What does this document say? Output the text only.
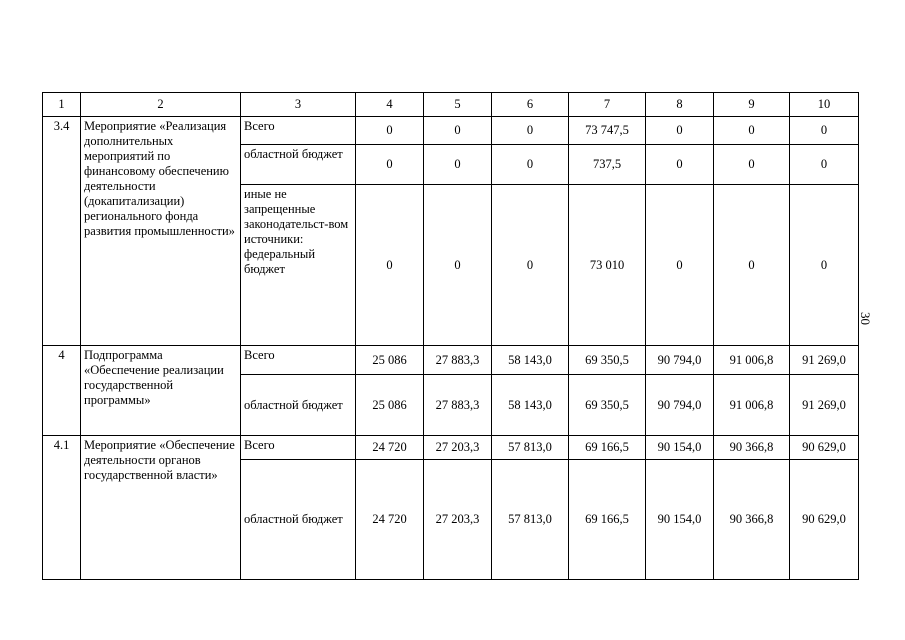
1	2	3	4	5	6	7	8	9	10
3.4	Мероприятие «Реализация дополнительных мероприятий по финансовому обеспечению деятельности (докапитализации) регионального фонда развития промышленности»	Всего	0	0	0	73 747,5	0	0	0
		областной бюджет	0	0	0	737,5	0	0	0
		иные не запрещенные законодательст-вом источники: федеральный бюджет	0	0	0	73 010	0	0	0
4	Подпрограмма «Обеспечение реализации государственной программы»	Всего	25 086	27 883,3	58 143,0	69 350,5	90 794,0	91 006,8	91 269,0
		областной бюджет	25 086	27 883,3	58 143,0	69 350,5	90 794,0	91 006,8	91 269,0
4.1	Мероприятие «Обеспечение деятельности органов государственной власти»	Всего	24 720	27 203,3	57 813,0	69 166,5	90 154,0	90 366,8	90 629,0
		областной бюджет	24 720	27 203,3	57 813,0	69 166,5	90 154,0	90 366,8	90 629,0
30
